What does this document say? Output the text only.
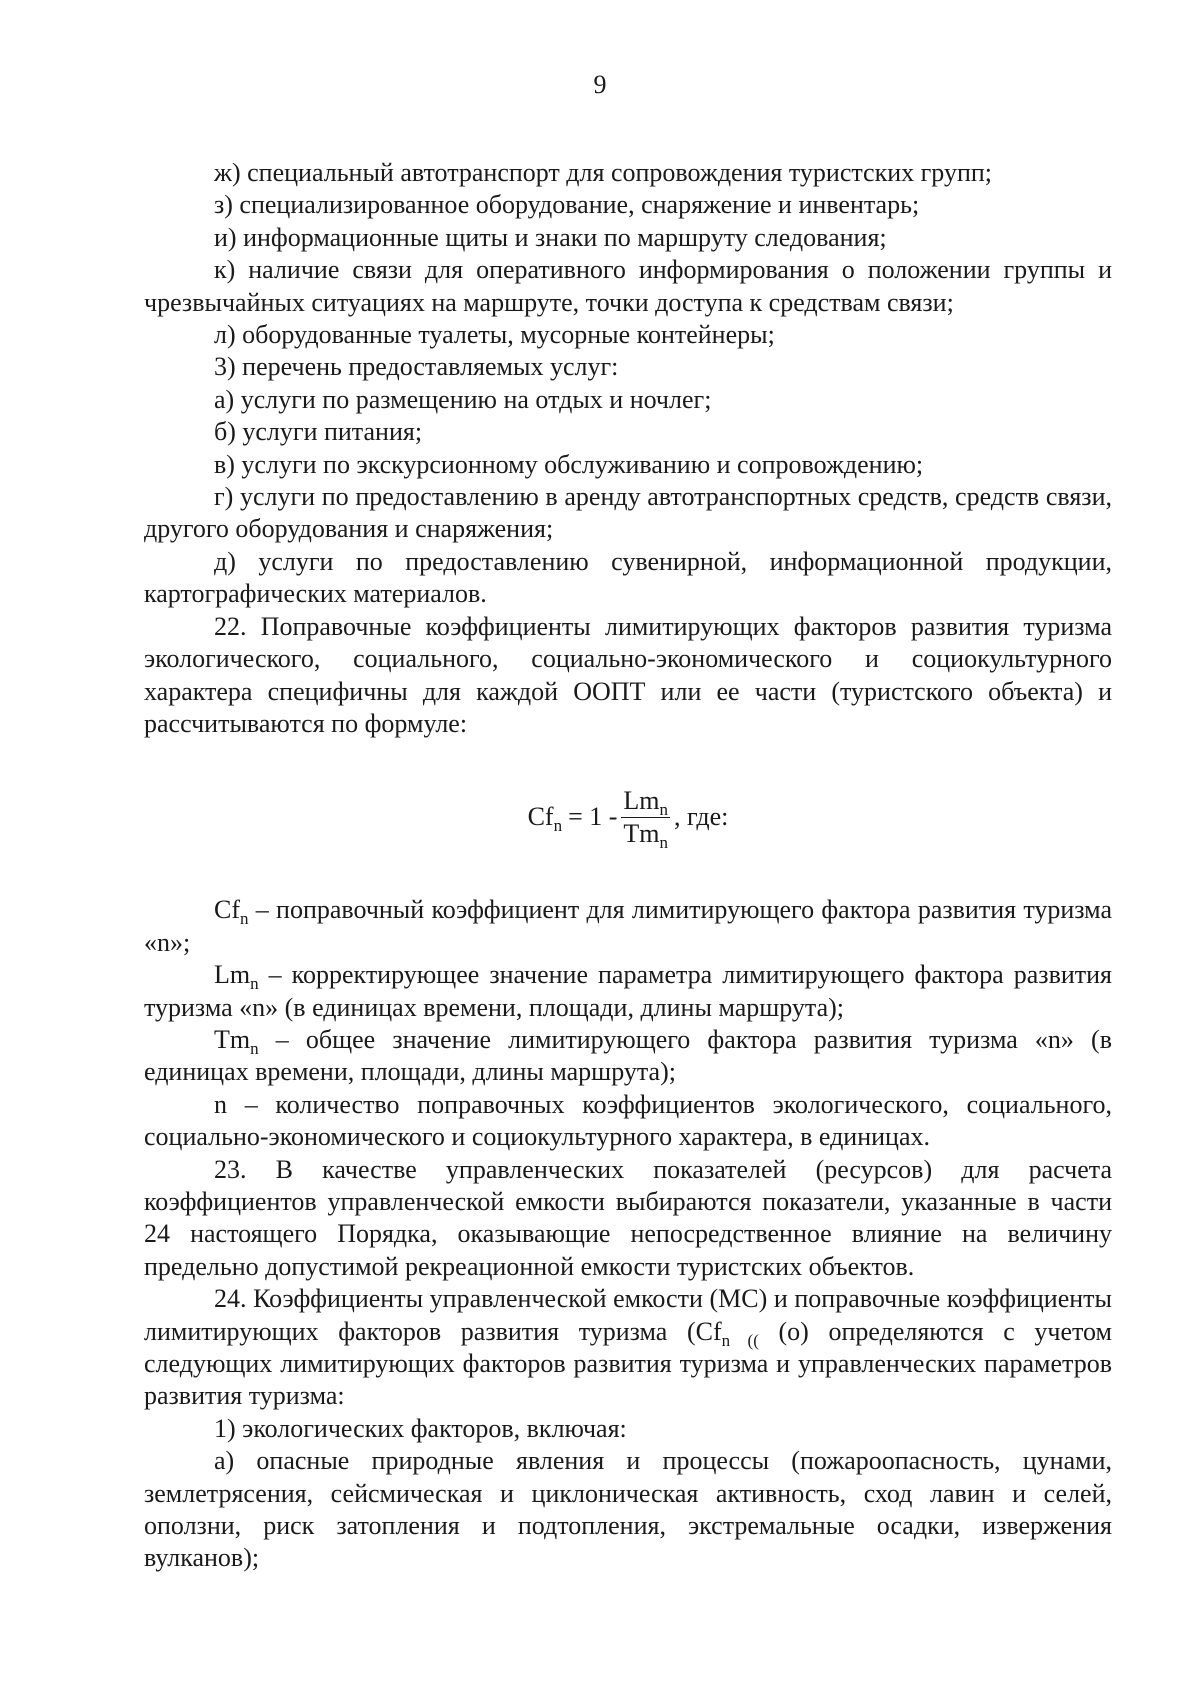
9

ж) специальный автотранспорт для сопровождения туристских групп;

з) специализированное оборудование, снаряжение и инвентарь;

и) информационные щиты и знаки по маршруту следования;

к) наличие связи для оперативного информирования о положении группы и чрезвычайных ситуациях на маршруте, точки доступа к средствам связи;

л) оборудованные туалеты, мусорные контейнеры;

3) перечень предоставляемых услуг:

а) услуги по размещению на отдых и ночлег;

б) услуги питания;

в) услуги по экскурсионному обслуживанию и сопровождению;

г) услуги по предоставлению в аренду автотранспортных средств, средств связи, другого оборудования и снаряжения;

д) услуги по предоставлению сувенирной, информационной продукции, картографических материалов.

22. Поправочные коэффициенты лимитирующих факторов развития туризма экологического, социального, социально-экономического и социокультурного характера специфичны для каждой ООПТ или ее части (туристского объекта) и рассчитываются по формуле:

$Cf_n = 1 - \frac{Lm_n}{Tm_n}$ , где:

$Cf_n$ – поправочный коэффициент для лимитирующего фактора развития туризма «n»;

$Lm_n$ – корректирующее значение параметра лимитирующего фактора развития туризма «n» (в единицах времени, площади, длины маршрута);

$Tm_n$ – общее значение лимитирующего фактора развития туризма «n» (в единицах времени, площади, длины маршрута);

n – количество поправочных коэффициентов экологического, социального, социально-экономического и социокультурного характера, в единицах.

23. В качестве управленческих показателей (ресурсов) для расчета коэффициентов управленческой емкости выбираются показатели, указанные в части 24 настоящего Порядка, оказывающие непосредственное влияние на величину предельно допустимой рекреационной емкости туристских объектов.

24. Коэффициенты управленческой емкости (MC) и поправочные коэффициенты лимитирующих факторов развития туризма ($Cf_{n ((}$ (o) определяются с учетом следующих лимитирующих факторов развития туризма и управленческих параметров развития туризма:

1) экологических факторов, включая:

а) опасные природные явления и процессы (пожароопасность, цунами, землетрясения, сейсмическая и циклоническая активность, сход лавин и селей, оползни, риск затопления и подтопления, экстремальные осадки, извержения вулканов);
